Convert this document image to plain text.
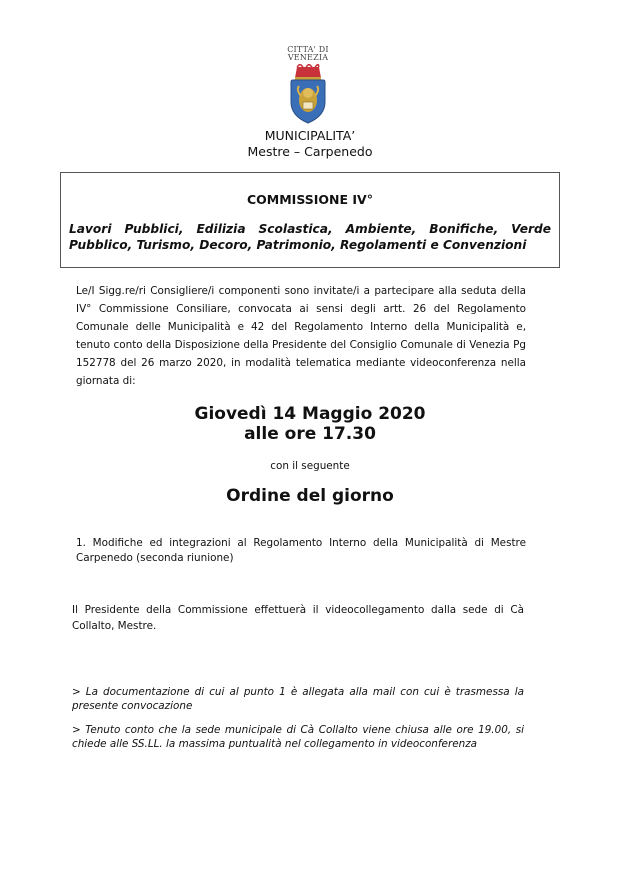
CITTA' DI
VENEZIA
MUNICIPALITA’
Mestre – Carpenedo
COMMISSIONE IV°
Lavori Pubblici, Edilizia Scolastica, Ambiente, Bonifiche, Verde Pubblico, Turismo, Decoro, Patrimonio, Regolamenti e Convenzioni
Le/I Sigg.re/ri Consigliere/i componenti sono invitate/i a partecipare alla seduta della IV° Commissione Consiliare, convocata ai sensi degli artt. 26 del Regolamento Comunale delle Municipalità e 42 del Regolamento Interno della Municipalità e, tenuto conto della Disposizione della Presidente del Consiglio Comunale di Venezia Pg 152778 del 26 marzo 2020, in modalità telematica mediante videoconferenza nella giornata di:
Giovedì 14 Maggio 2020
alle ore 17.30
con il seguente
Ordine del giorno
1. Modifiche ed integrazioni al Regolamento Interno della Municipalità di Mestre Carpenedo (seconda riunione)
Il Presidente della Commissione effettuerà il videocollegamento dalla sede di Cà Collalto, Mestre.
> La documentazione di cui al punto 1 è allegata alla mail con cui è trasmessa la presente convocazione
> Tenuto conto che la sede municipale di Cà Collalto viene chiusa alle ore 19.00, si chiede alle SS.LL. la massima puntualità nel collegamento in videoconferenza
